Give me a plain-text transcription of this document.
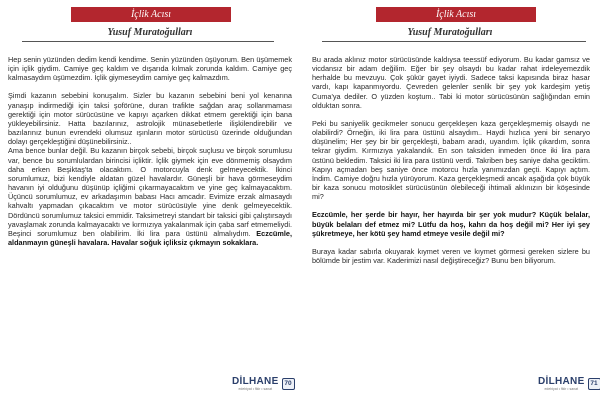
İçlik Acısı
Yusuf Muratoğulları

Hep senin yüzünden dedim kendi kendime. Senin yüzünden üşüyorum. Ben üşümemek için içlik giydim. Camiye geç kaldım ve dışarıda kılmak zorunda kaldım. Camiye geç kalmasaydım üşümezdim. İçlik giymeseydim camiye geç kalmazdım.

Şimdi kazanın sebebini konuşalım. Sizler bu kazanın sebebini beni yol kenarına yanaşıp indirmediği için taksi şoförüne, duran trafikte sağdan araç sollanmaması gerektiği için motor sürücüsüne ve kapıyı açarken dikkat etmem gerektiği için bana yükleyebilirsiniz. Hatta bazılarınız, astrolojik münasebetlerle ilişkilendirebilir ve bazılarınız bunun evrendeki olumsuz ışınların motor sürücüsü üzerinde olduğundan dolayı gerçekleştiğini düşünebilirsiniz..

Ama bence bunlar değil. Bu kazanın birçok sebebi, birçok suçlusu ve birçok sorumlusu var, bence bu sorumlulardan birincisi içliktir. İçlik giymek için eve dönmemiş olsaydım daha erken Beşiktaş'ta olacaktım. O motorcuyla denk gelmeyecektik. İkinci sorumlumuz, bizi kendiyle aldatan güzel havalardır. Güneşli bir hava görmeseydim havanın iyi olduğunu düşünüp içliğimi çıkarmayacaktım ve yine geç kalmayacaktım. Üçüncü sorumlumuz, ev arkadaşımın babası Hacı amcadır. Evimize erzak almasaydı kahvaltı yapmadan çıkacaktım ve motor sürücüsüyle yine denk gelmeyecektik. Dördüncü sorumlumuz taksici emmidir. Taksimetreyi standart bir taksici gibi çalıştırsaydı yavaşlamak zorunda kalmayacaktı ve kırmızıya yakalanmak için çaba sarf etmemeliydi. Beşinci sorumlumuz ben olabilirim. İki lira para üstünü almalıydım. Eczcümle, aldanmayın güneşli havalara. Havalar soğuk içliksiz çıkmayın sokaklara.

DİLHANE
edebiyat • fikir • sanat
70
İçlik Acısı
Yusuf Muratoğulları

Bu arada aklınız motor sürücüsünde kaldıysa teessüf ediyorum. Bu kadar gamsız ve vicdansız bir adam değilim. Eğer bir şey olsaydı bu kadar rahat irdeleyemezdik herhalde bu mevzuyu. Çok şükür gayet iyiydi. Sadece taksi kapısında biraz hasar vardı, kapı kapanmıyordu. Çevreden gelenler senlik bir şey yok kardeşim yetiş Cuma'ya dediler. O yüzden koştum.. Tabi ki motor sürücüsünün sağlığından emin olduktan sonra.

Peki bu saniyelik gecikmeler sonucu gerçekleşen kaza gerçekleşmemiş olsaydı ne olabilirdi? Örneğin, iki lira para üstünü alsaydım.. Haydi hızlıca yeni bir senaryo düşünelim; Her şey bir bir gerçekleşti, babam aradı, uyandım. İçlik çıkardım, sonra tekrar giydim. Kırmızıya yakalandık. En son taksiden inmeden önce iki lira para üstünü bekledim. Taksici iki lira para üstünü verdi. Takriben beş saniye daha geciktim. Kapıyı açmadan beş saniye önce motorcu hızla yanımızdan geçti. Kapıyı açtım. İndim. Camiye doğru hızla yürüyorum. Kaza gerçekleşmedi ancak aşağıda çok büyük bir kaza sonucu motosiklet sürücüsünün ölebileceği ihtimali aklınızın bir köşesinde mi?

Eczcümle, her şerde bir hayır, her hayırda bir şer yok mudur? Küçük belalar, büyük belaları def etmez mi? Lütfu da hoş, kahrı da hoş değil mi? Her iyi şey şükretmeye, her kötü şey hamd etmeye vesile değil mi?

Buraya kadar sabırla okuyarak kıymet veren ve kıymet görmesi gereken sizlere bu bölümde bir jestim var. Kaderimizi nasıl değiştireceğiz? Bunu ben biliyorum.

DİLHANE
edebiyat • fikir • sanat
71
